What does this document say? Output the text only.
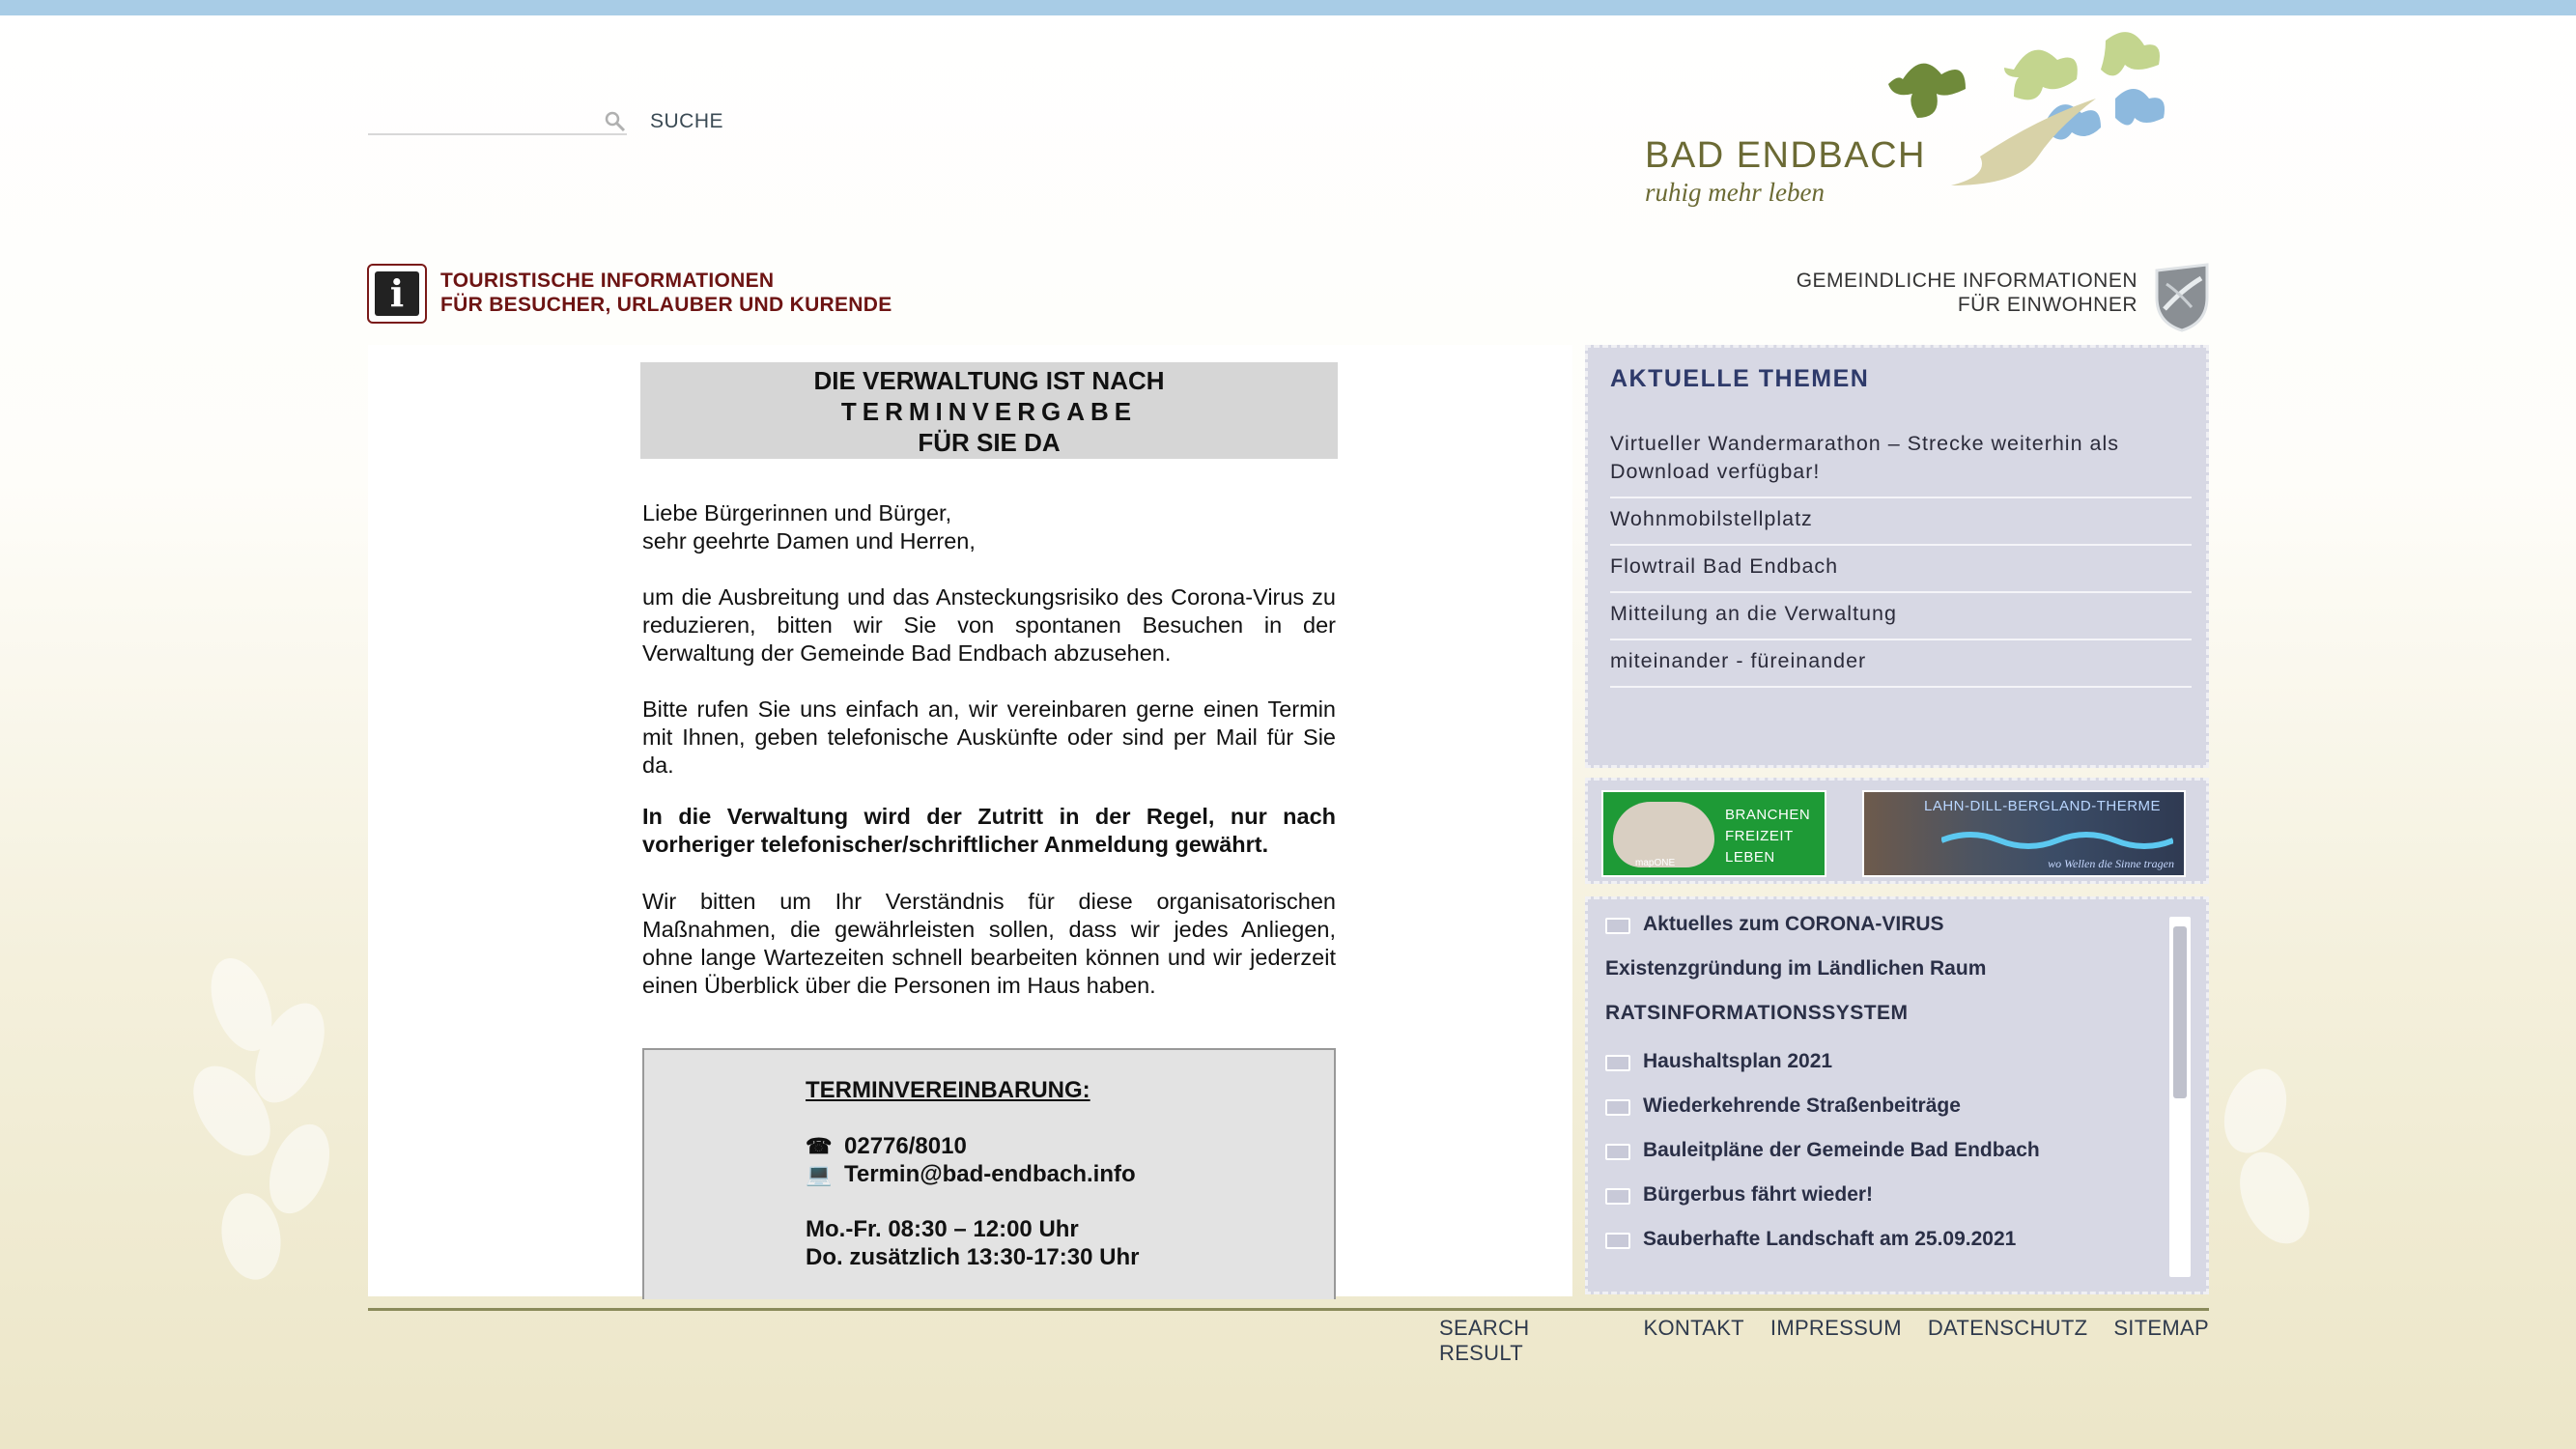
SUCHE
BAD ENDBACH
ruhig mehr leben
i	TOURISTISCHE INFORMATIONEN
FÜR BESUCHER, URLAUBER UND KURENDE
GEMEINDLICHE INFORMATIONEN
FÜR EINWOHNER
DIE VERWALTUNG IST NACH
TERMINVERGABE
FÜR SIE DA

Liebe Bürgerinnen und Bürger,

sehr geehrte Damen und Herren,

um die Ausbreitung und das Ansteckungsrisiko des Corona-Virus zu reduzieren, bitten wir Sie von spontanen Besuchen in der Verwaltung der Gemeinde Bad Endbach abzusehen.

Bitte rufen Sie uns einfach an, wir vereinbaren gerne einen Termin mit Ihnen, geben telefonische Auskünfte oder sind per Mail für Sie da.

In die Verwaltung wird der Zutritt in der Regel, nur nach vorheriger telefonischer/schriftlicher Anmeldung gewährt.

Wir bitten um Ihr Verständnis für diese organisatorischen Maßnahmen, die gewährleisten sollen, dass wir jedes Anliegen, ohne lange Wartezeiten schnell bearbeiten können und wir jederzeit einen Überblick über die Personen im Haus haben.

TERMINVEREINBARUNG:
☎ 02776/8010
💻 Termin@bad-endbach.info
Mo.-Fr. 08:30 – 12:00 Uhr
Do. zusätzlich 13:30-17:30 Uhr
AKTUELLE THEMEN
Virtueller Wandermarathon – Strecke weiterhin als Download verfügbar!
Wohnmobilstellplatz
Flowtrail Bad Endbach
Mitteilung an die Verwaltung
miteinander - füreinander
mapONE
BRANCHEN
FREIZEIT
LEBEN
LAHN-DILL-BERGLAND-THERME
wo Wellen die Sinne tragen
Aktuelles zum CORONA-VIRUS
Existenzgründung im Ländlichen Raum
RATSINFORMATIONSSYSTEM
Haushaltsplan 2021
Wiederkehrende Straßenbeiträge
Bauleitpläne der Gemeinde Bad Endbach
Bürgerbus fährt wieder!
Sauberhafte Landschaft am 25.09.2021
SEARCH RESULT
KONTAKT IMPRESSUM DATENSCHUTZ SITEMAP
